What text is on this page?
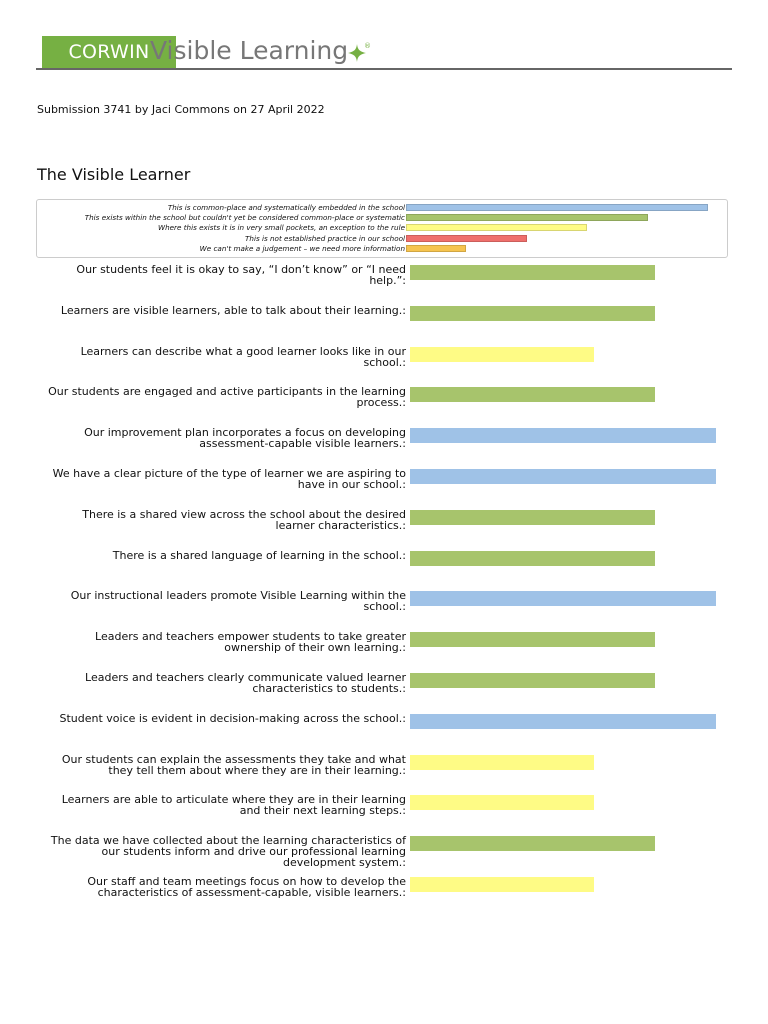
CORWIN Visible Learning ®
Submission 3741 by Jaci Commons on 27 April 2022
The Visible Learner
This is common-place and systematically embedded in the school
This exists within the school but couldn't yet be considered common-place or systematic
Where this exists it is in very small pockets, an exception to the rule
This is not established practice in our school
We can't make a judgement – we need more information
Our students feel it is okay to say, “I don’t know” or “I need help.”:
Learners are visible learners, able to talk about their learning.:
Learners can describe what a good learner looks like in our school.:
Our students are engaged and active participants in the learning process.:
Our improvement plan incorporates a focus on developing assessment-capable visible learners.:
We have a clear picture of the type of learner we are aspiring to have in our school.:
There is a shared view across the school about the desired learner characteristics.:
There is a shared language of learning in the school.:
Our instructional leaders promote Visible Learning within the school.:
Leaders and teachers empower students to take greater ownership of their own learning.:
Leaders and teachers clearly communicate valued learner characteristics to students.:
Student voice is evident in decision-making across the school.:
Our students can explain the assessments they take and what they tell them about where they are in their learning.:
Learners are able to articulate where they are in their learning and their next learning steps.:
The data we have collected about the learning characteristics of our students inform and drive our professional learning development system.:
Our staff and team meetings focus on how to develop the characteristics of assessment-capable, visible learners.:
